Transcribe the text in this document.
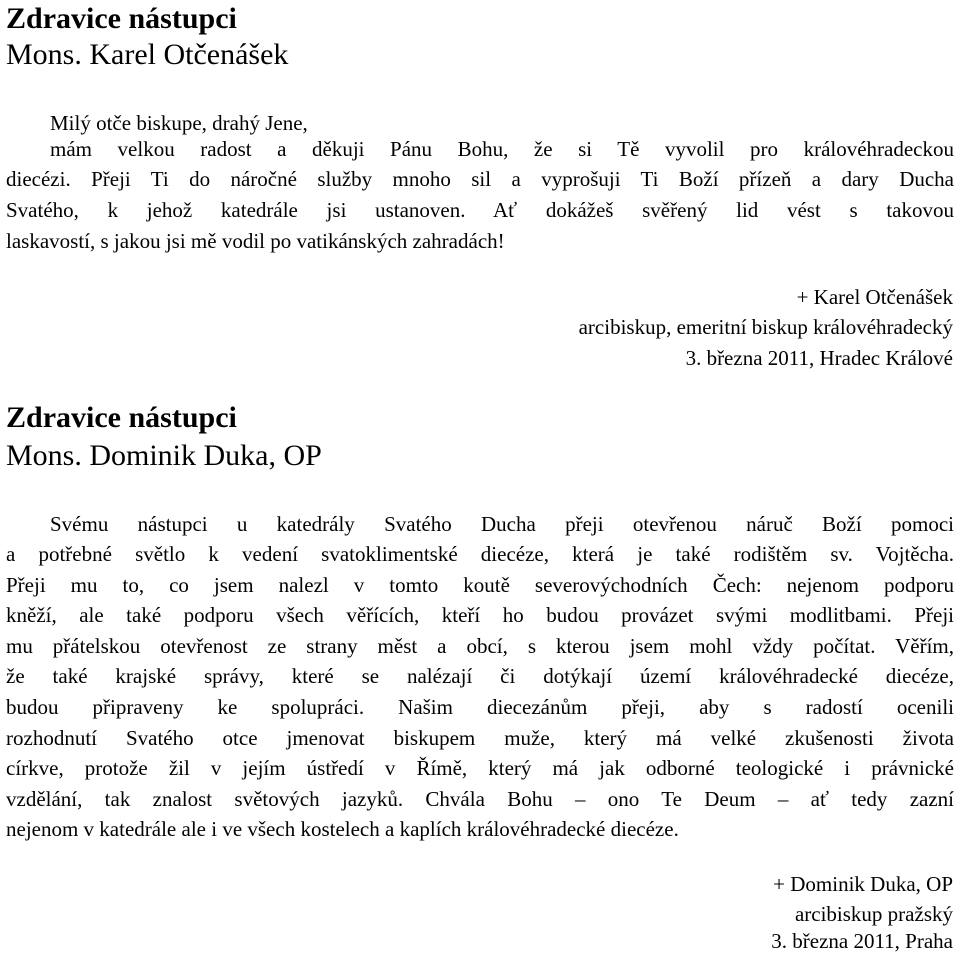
Zdravice nástupci
Mons. Karel Otčenášek
Milý otče biskupe, drahý Jene,
mám velkou radost a děkuji Pánu Bohu, že si Tě vyvolil pro královéhradeckou
diecézi. Přeji Ti do náročné služby mnoho sil a vyprošuji Ti Boží přízeň a dary Ducha
Svatého, k jehož katedrále jsi ustanoven. Ať dokážeš svěřený lid vést s takovou
laskavostí, s jakou jsi mě vodil po vatikánských zahradách!
+ Karel Otčenášek
arcibiskup, emeritní biskup královéhradecký
3. března 2011, Hradec Králové
Zdravice nástupci
Mons. Dominik Duka, OP
Svému nástupci u katedrály Svatého Ducha přeji otevřenou náruč Boží pomoci
a potřebné světlo k vedení svatoklimentské diecéze, která je také rodištěm sv. Vojtěcha.
Přeji mu to, co jsem nalezl v tomto koutě severovýchodních Čech: nejenom podporu
kněží, ale také podporu všech věřících, kteří ho budou provázet svými modlitbami. Přeji
mu přátelskou otevřenost ze strany měst a obcí, s kterou jsem mohl vždy počítat. Věřím,
že také krajské správy, které se nalézají či dotýkají území královéhradecké diecéze,
budou připraveny ke spolupráci. Našim diecezánům přeji, aby s radostí ocenili
rozhodnutí Svatého otce jmenovat biskupem muže, který má velké zkušenosti života
církve, protože žil v jejím ústředí v Římě, který má jak odborné teologické i právnické
vzdělání, tak znalost světových jazyků. Chvála Bohu – ono Te Deum – ať tedy zazní
nejenom v katedrále ale i ve všech kostelech a kaplích královéhradecké diecéze.
+ Dominik Duka, OP
arcibiskup pražský
3. března 2011, Praha
